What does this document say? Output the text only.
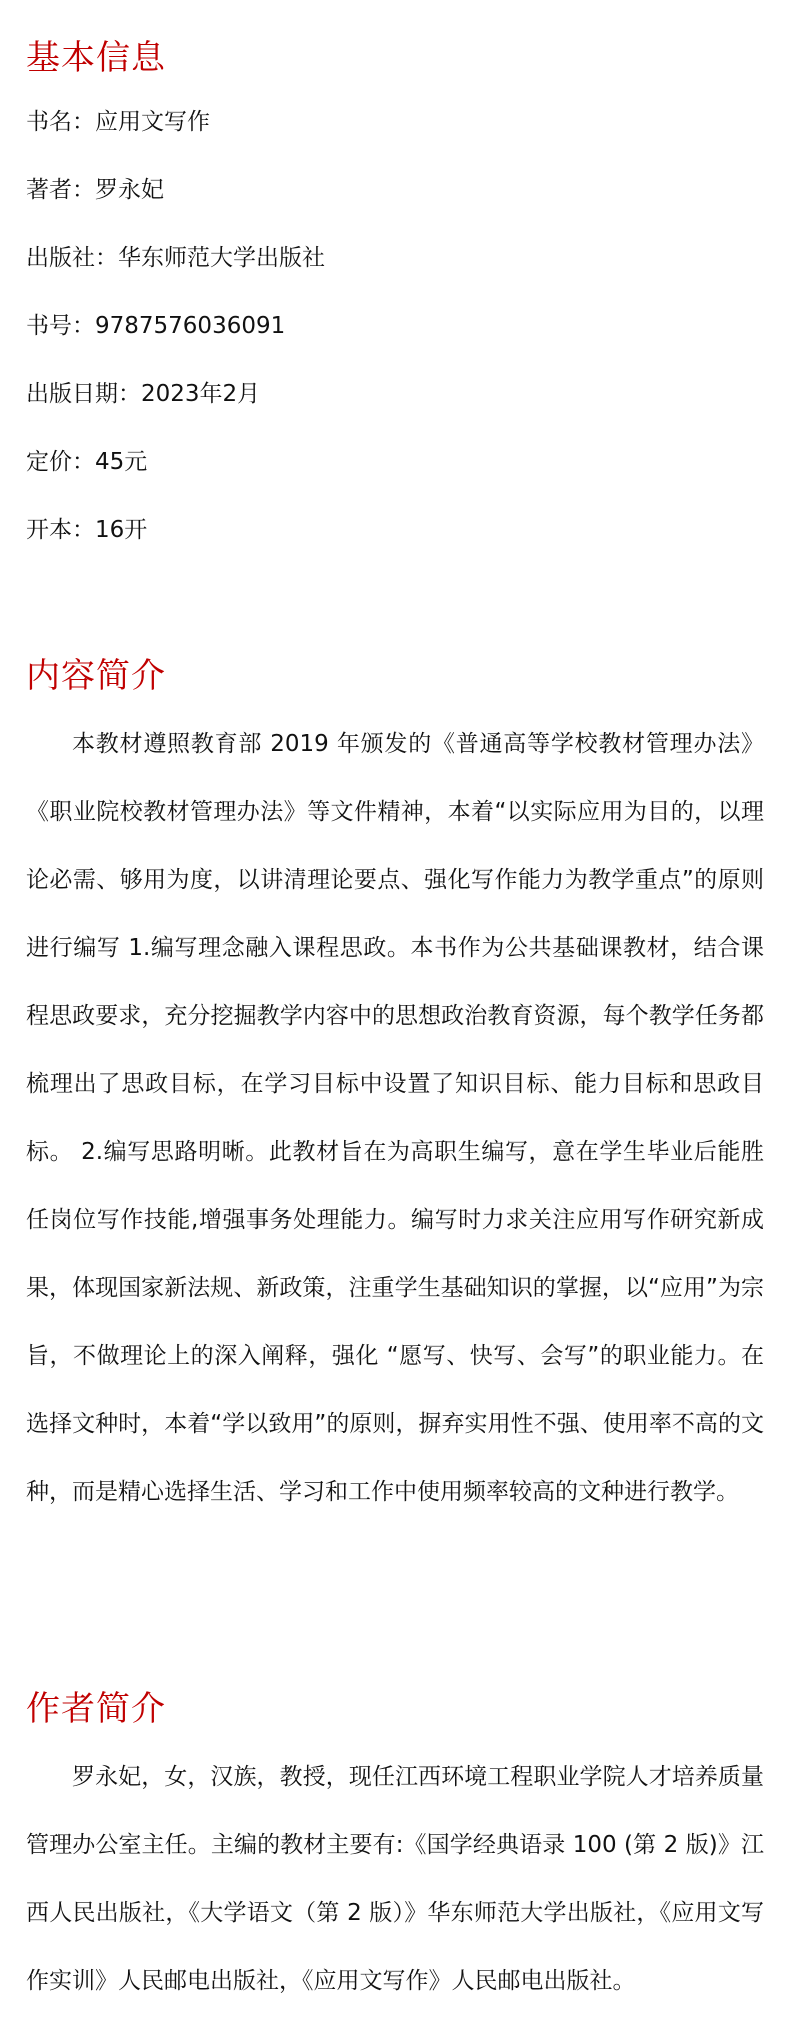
基本信息

书名：应用文写作

著者：罗永妃

出版社：华东师范大学出版社

书号：9787576036091

出版日期：2023年2月

定价：45元

开本：16开

内容简介

本教材遵照教育部 2019 年颁发的《普通高等学校教材管理办法》《职业院校教材管理办法》等文件精神，本着“以实际应用为目的，以理论必需、够用为度，以讲清理论要点、强化写作能力为教学重点”的原则进行编写 1.编写理念融入课程思政。本书作为公共基础课教材，结合课程思政要求，充分挖掘教学内容中的思想政治教育资源，每个教学任务都梳理出了思政目标，在学习目标中设置了知识目标、能力目标和思政目标。 2.编写思路明晰。此教材旨在为高职生编写，意在学生毕业后能胜任岗位写作技能,增强事务处理能力。编写时力求关注应用写作研究新成果，体现国家新法规、新政策，注重学生基础知识的掌握，以“应用”为宗旨，不做理论上的深入阐释，强化 “愿写、快写、会写”的职业能力。在选择文种时，本着“学以致用”的原则，摒弃实用性不强、使用率不高的文种，而是精心选择生活、学习和工作中使用频率较高的文种进行教学。

作者简介

罗永妃，女，汉族，教授，现任江西环境工程职业学院人才培养质量管理办公室主任。主编的教材主要有:《国学经典语录 100 (第 2 版)》江西人民出版社，《大学语文（第 2 版）》华东师范大学出版社，《应用文写作实训》人民邮电出版社，《应用文写作》人民邮电出版社。
